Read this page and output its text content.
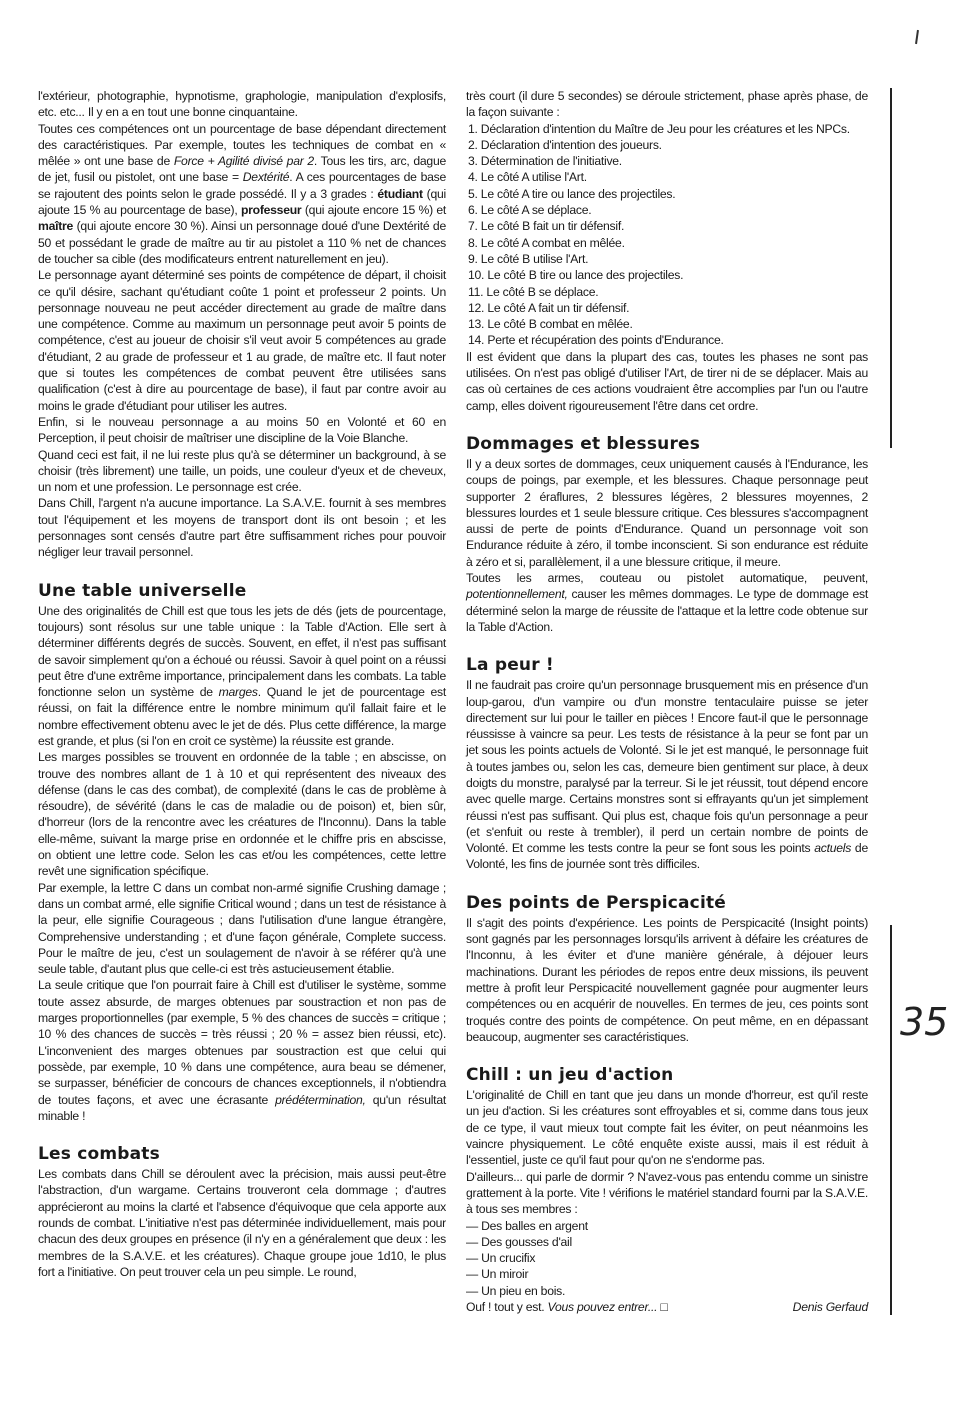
l'extérieur, photographie, hypnotisme, graphologie, manipulation d'explosifs, etc. etc... Il y en a en tout une bonne cinquantaine.

Toutes ces compétences ont un pourcentage de base dépendant directement des caractéristiques. Par exemple, toutes les techniques de combat en « mêlée » ont une base de Force + Agilité divisé par 2. Tous les tirs, arc, dague de jet, fusil ou pistolet, ont une base = Dextérité. A ces pourcentages de base se rajoutent des points selon le grade possédé. Il y a 3 grades : étudiant (qui ajoute 15 % au pourcentage de base), professeur (qui ajoute encore 15 %) et maître (qui ajoute encore 30 %). Ainsi un personnage doué d'une Dextérité de 50 et possédant le grade de maître au tir au pistolet a 110 % net de chances de toucher sa cible (des modificateurs entrent naturellement en jeu).

Le personnage ayant déterminé ses points de compétence de départ, il choisit ce qu'il désire, sachant qu'étudiant coûte 1 point et professeur 2 points. Un personnage nouveau ne peut accéder directement au grade de maître dans une compétence. Comme au maximum un personnage peut avoir 5 points de compétence, c'est au joueur de choisir s'il veut avoir 5 compétences au grade d'étudiant, 2 au grade de professeur et 1 au grade, de maître etc. Il faut noter que si toutes les compétences de combat peuvent être utilisées sans qualification (c'est à dire au pourcentage de base), il faut par contre avoir au moins le grade d'étudiant pour utiliser les autres.

Enfin, si le nouveau personnage a au moins 50 en Volonté et 60 en Perception, il peut choisir de maîtriser une discipline de la Voie Blanche.

Quand ceci est fait, il ne lui reste plus qu'à se déterminer un background, à se choisir (très librement) une taille, un poids, une couleur d'yeux et de cheveux, un nom et une profession. Le personnage est crée.

Dans Chill, l'argent n'a aucune importance. La S.A.V.E. fournit à ses membres tout l'équipement et les moyens de transport dont ils ont besoin ; et les personnages sont censés d'autre part être suffisamment riches pour pouvoir négliger leur travail personnel.

Une table universelle

Une des originalités de Chill est que tous les jets de dés (jets de pourcentage, toujours) sont résolus sur une table unique : la Table d'Action. Elle sert à déterminer différents degrés de succès. Souvent, en effet, il n'est pas suffisant de savoir simplement qu'on a échoué ou réussi. Savoir à quel point on a réussi peut être d'une extrême importance, principalement dans les combats. La table fonctionne selon un système de marges. Quand le jet de pourcentage est réussi, on fait la différence entre le nombre minimum qu'il fallait faire et le nombre effectivement obtenu avec le jet de dés. Plus cette différence, la marge est grande, et plus (si l'on en croit ce système) la réussite est grande.

Les marges possibles se trouvent en ordonnée de la table ; en abscisse, on trouve des nombres allant de 1 à 10 et qui représentent des niveaux des défense (dans le cas des combat), de complexité (dans le cas de problème à résoudre), de sévérité (dans le cas de maladie ou de poison) et, bien sûr, d'horreur (lors de la rencontre avec les créatures de l'Inconnu). Dans la table elle-même, suivant la marge prise en ordonnée et le chiffre pris en abscisse, on obtient une lettre code. Selon les cas et/ou les compétences, cette lettre revêt une signification spécifique.

Par exemple, la lettre C dans un combat non-armé signifie Crushing damage ; dans un combat armé, elle signifie Critical wound ; dans un test de résistance à la peur, elle signifie Courageous ; dans l'utilisation d'une langue étrangère, Comprehensive understanding ; et d'une façon générale, Complete success. Pour le maître de jeu, c'est un soulagement de n'avoir à se référer qu'à une seule table, d'autant plus que celle-ci est très astucieusement établie.

La seule critique que l'on pourrait faire à Chill est d'utiliser le système, somme toute assez absurde, de marges obtenues par soustraction et non pas de marges proportionnelles (par exemple, 5 % des chances de succès = critique ; 10 % des chances de succès = très réussi ; 20 % = assez bien réussi, etc). L'inconvenient des marges obtenues par soustraction est que celui qui possède, par exemple, 10 % dans une compétence, aura beau se démener, se surpasser, bénéficier de concours de chances exceptionnels, il n'obtiendra de toutes façons, et avec une écrasante prédétermination, qu'un résultat minable !

Les combats

Les combats dans Chill se déroulent avec la précision, mais aussi peut-être l'abstraction, d'un wargame. Certains trouveront cela dommage ; d'autres apprécieront au moins la clarté et l'absence d'équivoque que cela apporte aux rounds de combat. L'initiative n'est pas déterminée individuellement, mais pour chacun des deux groupes en présence (il n'y en a généralement que deux : les membres de la S.A.V.E. et les créatures). Chaque groupe joue 1d10, le plus fort a l'initiative. On peut trouver cela un peu simple. Le round,

très court (il dure 5 secondes) se déroule strictement, phase après phase, de la façon suivante :

1. Déclaration d'intention du Maître de Jeu pour les créatures et les NPCs.
2. Déclaration d'intention des joueurs.
3. Détermination de l'initiative.
4. Le côté A utilise l'Art.
5. Le côté A tire ou lance des projectiles.
6. Le côté A se déplace.
7. Le côté B fait un tir défensif.
8. Le côté A combat en mêlée.
9. Le côté B utilise l'Art.
10. Le côté B tire ou lance des projectiles.
11. Le côté B se déplace.
12. Le côté A fait un tir défensif.
13. Le côté B combat en mêlée.
14. Perte et récupération des points d'Endurance.

Il est évident que dans la plupart des cas, toutes les phases ne sont pas utilisées. On n'est pas obligé d'utiliser l'Art, de tirer ni de se déplacer. Mais au cas où certaines de ces actions voudraient être accomplies par l'un ou l'autre camp, elles doivent rigoureusement l'être dans cet ordre.

Dommages et blessures

Il y a deux sortes de dommages, ceux uniquement causés à l'Endurance, les coups de poings, par exemple, et les blessures. Chaque personnage peut supporter 2 éraflures, 2 blessures légères, 2 blessures moyennes, 2 blessures lourdes et 1 seule blessure critique. Ces blessures s'accompagnent aussi de perte de points d'Endurance. Quand un personnage voit son Endurance réduite à zéro, il tombe inconscient. Si son endurance est réduite à zéro et si, parallèlement, il a une blessure critique, il meure.

Toutes les armes, couteau ou pistolet automatique, peuvent, potentionnellement, causer les mêmes dommages. Le type de dommage est déterminé selon la marge de réussite de l'attaque et la lettre code obtenue sur la Table d'Action.

La peur !

Il ne faudrait pas croire qu'un personnage brusquement mis en présence d'un loup-garou, d'un vampire ou d'un monstre tentaculaire puisse se jeter directement sur lui pour le tailler en pièces ! Encore faut-il que le personnage réussisse à vaincre sa peur. Les tests de résistance à la peur se font par un jet sous les points actuels de Volonté. Si le jet est manqué, le personnage fuit à toutes jambes ou, selon les cas, demeure bien gentiment sur place, à deux doigts du monstre, paralysé par la terreur. Si le jet réussit, tout dépend encore avec quelle marge. Certains monstres sont si effrayants qu'un jet simplement réussi n'est pas suffisant. Qui plus est, chaque fois qu'un personnage a peur (et s'enfuit ou reste à trembler), il perd un certain nombre de points de Volonté. Et comme les tests contre la peur se font sous les points actuels de Volonté, les fins de journée sont très difficiles.

Des points de Perspicacité

Il s'agit des points d'expérience. Les points de Perspicacité (Insight points) sont gagnés par les personnages lorsqu'ils arrivent à défaire les créatures de l'Inconnu, à les éviter et d'une manière générale, à déjouer leurs machinations. Durant les périodes de repos entre deux missions, ils peuvent mettre à profit leur Perspicacité nouvellement gagnée pour augmenter leurs compétences ou en acquérir de nouvelles. En termes de jeu, ces points sont troqués contre des points de compétence. On peut même, en en dépassant beaucoup, augmenter ses caractéristiques.

Chill : un jeu d'action

L'originalité de Chill en tant que jeu dans un monde d'horreur, est qu'il reste un jeu d'action. Si les créatures sont effroyables et si, comme dans tous jeux de ce type, il vaut mieux tout compte fait les éviter, on peut néanmoins les vaincre physiquement. Le côté enquête existe aussi, mais il est réduit à l'essentiel, juste ce qu'il faut pour qu'on ne s'endorme pas.

D'ailleurs... qui parle de dormir ? N'avez-vous pas entendu comme un sinistre grattement à la porte. Vite ! vérifions le matériel standard fourni par la S.A.V.E. à tous ses membres :

— Des balles en argent
— Des gousses d'ail
— Un crucifix
— Un miroir
— Un pieu en bois.
Ouf ! tout y est. Vous pouvez entrer... □	Denis Gerfaud
35
